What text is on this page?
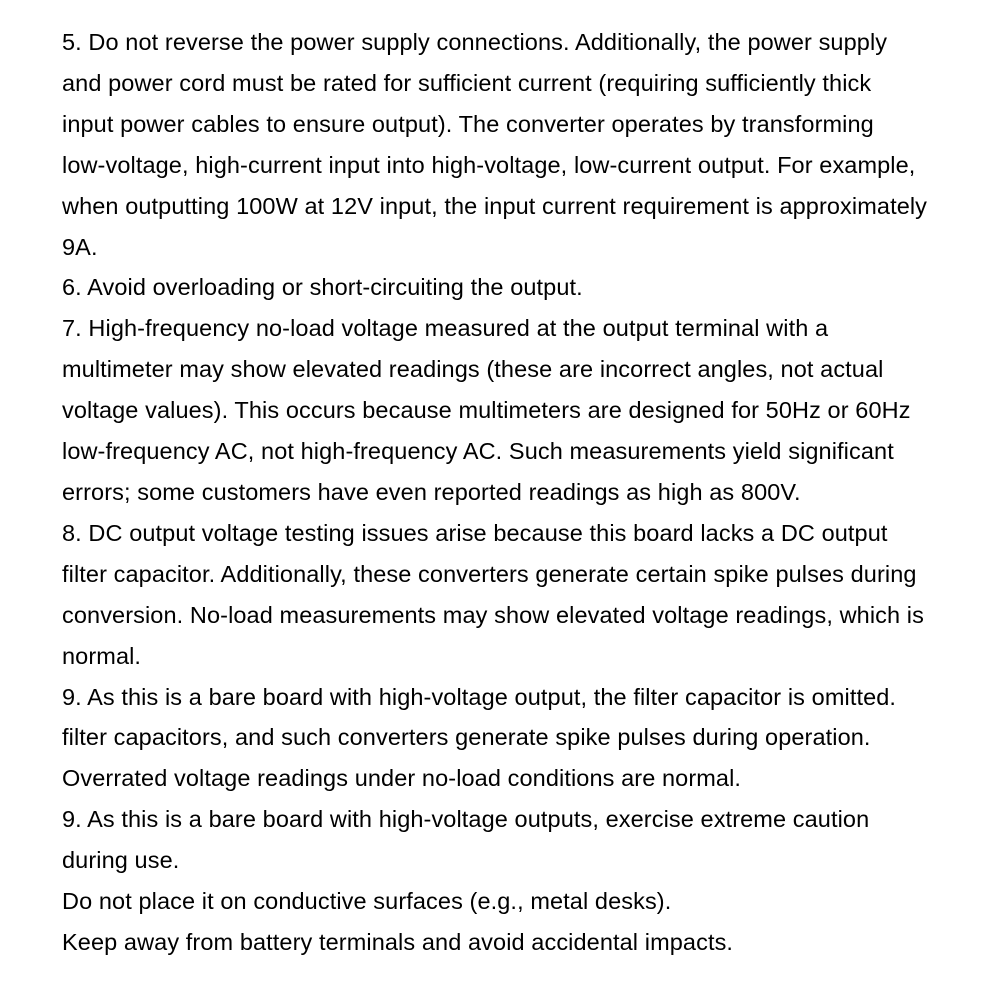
5. Do not reverse the power supply connections. Additionally, the power supply
and power cord must be rated for sufficient current (requiring sufficiently thick
input power cables to ensure output). The converter operates by transforming
low-voltage, high-current input into high-voltage, low-current output. For example,
when outputting 100W at 12V input, the input current requirement is approximately
9A.
6. Avoid overloading or short-circuiting the output.
7. High-frequency no-load voltage measured at the output terminal with a
multimeter may show elevated readings (these are incorrect angles, not actual
voltage values). This occurs because multimeters are designed for 50Hz or 60Hz
low-frequency AC, not high-frequency AC. Such measurements yield significant
errors; some customers have even reported readings as high as 800V.
8. DC output voltage testing issues arise because this board lacks a DC output
filter capacitor. Additionally, these converters generate certain spike pulses during
conversion. No-load measurements may show elevated voltage readings, which is
normal.
9. As this is a bare board with high-voltage output, the filter capacitor is omitted.
filter capacitors, and such converters generate spike pulses during operation.
Overrated voltage readings under no-load conditions are normal.
9. As this is a bare board with high-voltage outputs, exercise extreme caution
during use.
Do not place it on conductive surfaces (e.g., metal desks).
Keep away from battery terminals and avoid accidental impacts.
